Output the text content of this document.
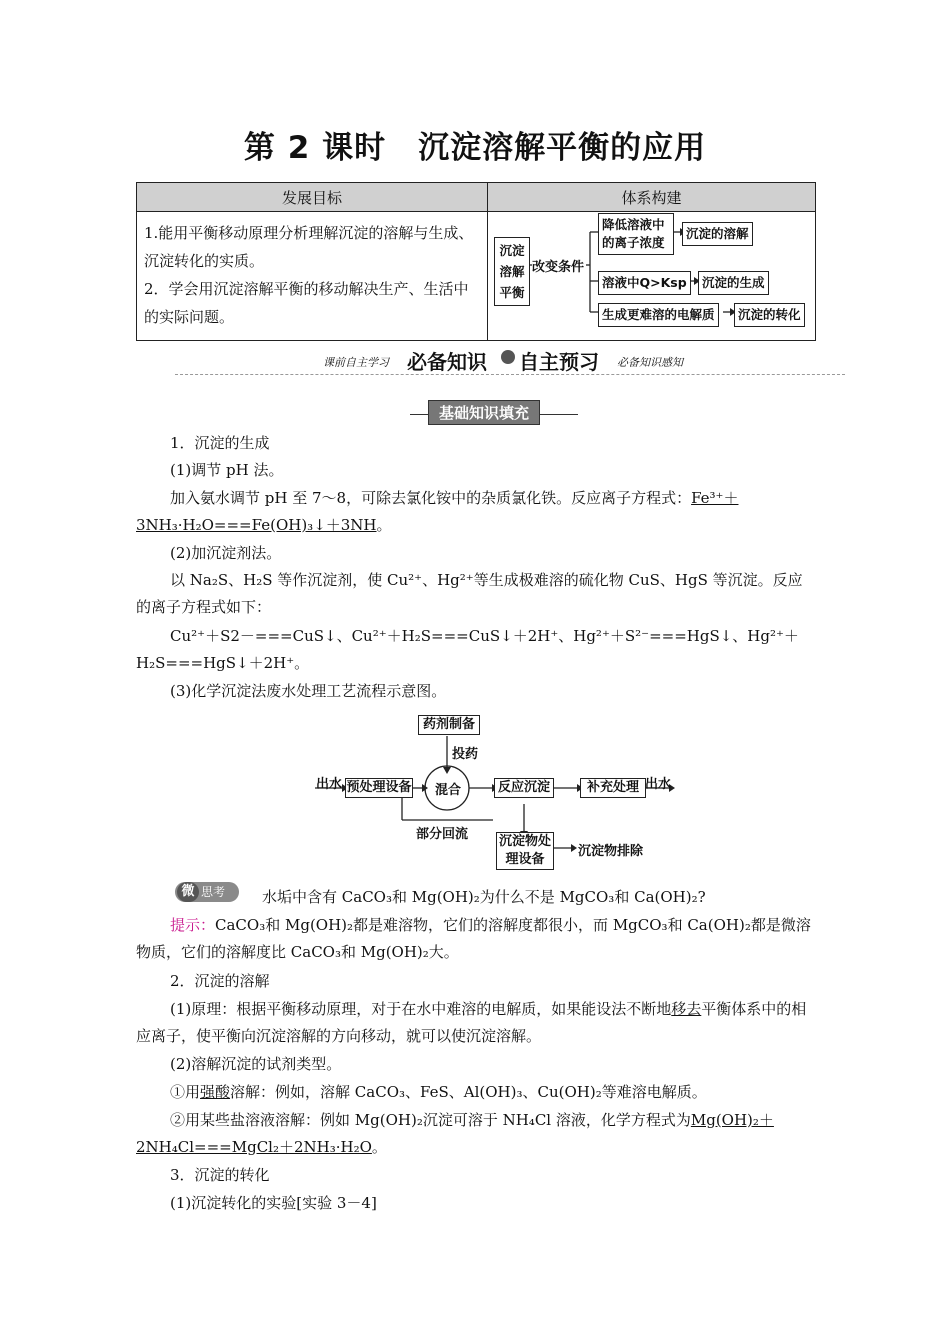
第 2 课时　沉淀溶解平衡的应用
发展目标	体系构建

1.能用平衡移动原理分析理解沉淀的溶解与生成、沉淀转化的实质。
2．学会用沉淀溶解平衡的移动解决生产、生活中的实际问题。	

沉淀溶解平衡
改变条件
降低溶液中的离子浓度
沉淀的溶解
溶液中Q>Ksp	沉淀的生成
生成更难溶的电解质	沉淀的转化
课前自主学习 必备知识 自主预习 必备知识感知
基础知识填充
1．沉淀的生成
(1)调节 pH 法。
加入氨水调节 pH 至 7～8，可除去氯化铵中的杂质氯化铁。反应离子方程式：Fe³⁺＋3NH₃·H₂O===Fe(OH)₃↓＋3NH。
(2)加沉淀剂法。
以 Na₂S、H₂S 等作沉淀剂，使 Cu²⁺、Hg²⁺等生成极难溶的硫化物 CuS、HgS 等沉淀。反应的离子方程式如下：
Cu²⁺＋S2－===CuS↓、Cu²⁺＋H₂S===CuS↓＋2H⁺、Hg²⁺＋S²⁻===HgS↓、Hg²⁺＋H₂S===HgS↓＋2H⁺。
(3)化学沉淀法废水处理工艺流程示意图。
药剂制备
投药
出水 预处理设备 混合	反应沉淀	补充处理 出水
部分回流 沉淀物处理设备
沉淀物排除
微 思考 水垢中含有 CaCO₃和 Mg(OH)₂为什么不是 MgCO₃和 Ca(OH)₂?
提示：CaCO₃和 Mg(OH)₂都是难溶物，它们的溶解度都很小，而 MgCO₃和 Ca(OH)₂都是微溶物质，它们的溶解度比 CaCO₃和 Mg(OH)₂大。
2．沉淀的溶解
(1)原理：根据平衡移动原理，对于在水中难溶的电解质，如果能设法不断地移去平衡体系中的相应离子，使平衡向沉淀溶解的方向移动，就可以使沉淀溶解。
(2)溶解沉淀的试剂类型。
①用强酸溶解：例如，溶解 CaCO₃、FeS、Al(OH)₃、Cu(OH)₂等难溶电解质。
②用某些盐溶液溶解：例如 Mg(OH)₂沉淀可溶于 NH₄Cl 溶液，化学方程式为Mg(OH)₂＋2NH₄Cl===MgCl₂＋2NH₃·H₂O。
3．沉淀的转化
(1)沉淀转化的实验[实验 3－4]
